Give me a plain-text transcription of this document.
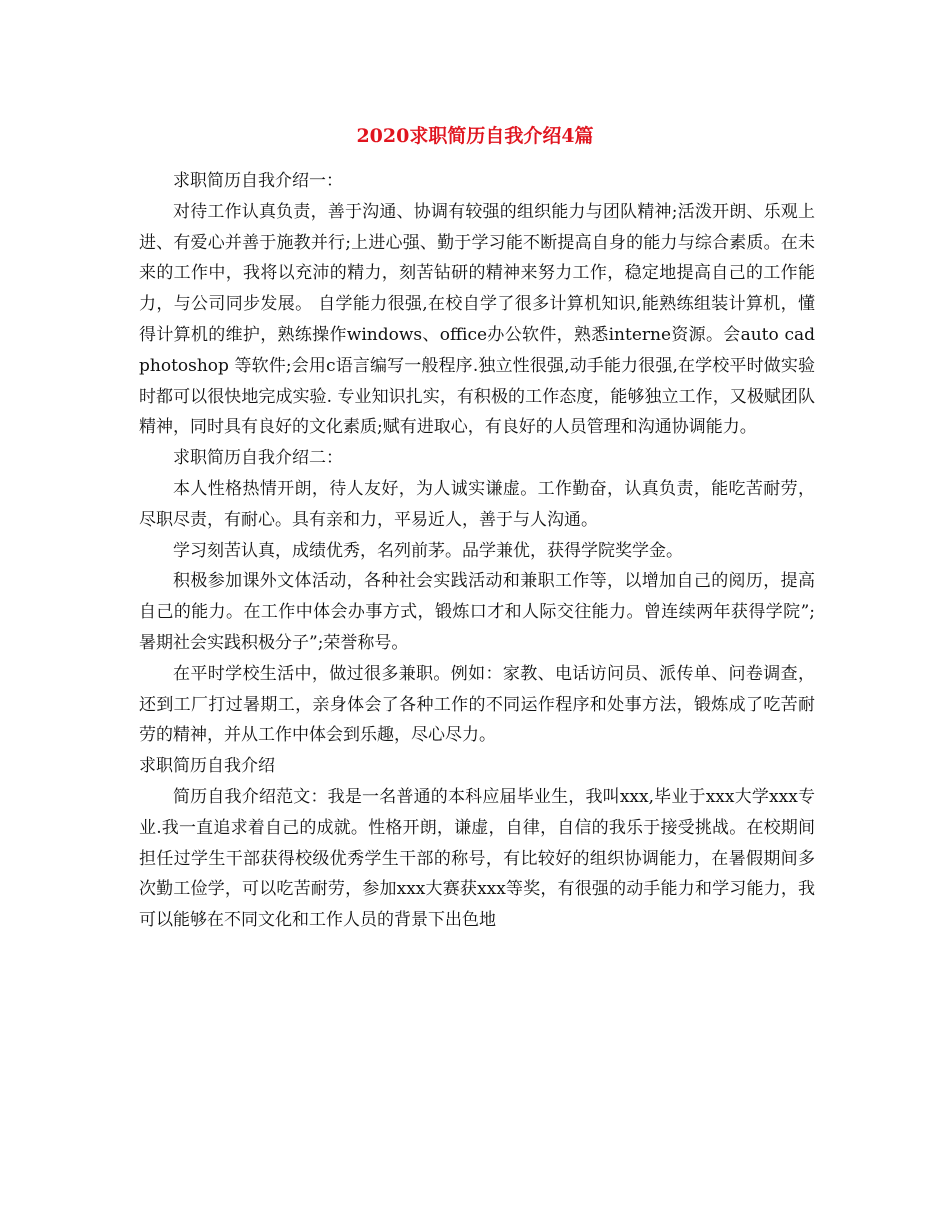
2020求职简历自我介绍4篇

求职简历自我介绍一：

对待工作认真负责，善于沟通、协调有较强的组织能力与团队精神;活泼开朗、乐观上进、有爱心并善于施教并行;上进心强、勤于学习能不断提高自身的能力与综合素质。在未来的工作中，我将以充沛的精力，刻苦钻研的精神来努力工作，稳定地提高自己的工作能力，与公司同步发展。 自学能力很强,在校自学了很多计算机知识,能熟练组装计算机，懂得计算机的维护，熟练操作windows、office办公软件，熟悉interne资源。会auto cad photoshop 等软件;会用c语言编写一般程序.独立性很强,动手能力很强,在学校平时做实验时都可以很快地完成实验. 专业知识扎实，有积极的工作态度，能够独立工作，又极赋团队精神，同时具有良好的文化素质;赋有进取心，有良好的人员管理和沟通协调能力。

求职简历自我介绍二：

本人性格热情开朗，待人友好，为人诚实谦虚。工作勤奋，认真负责，能吃苦耐劳，尽职尽责，有耐心。具有亲和力，平易近人，善于与人沟通。

学习刻苦认真，成绩优秀，名列前茅。品学兼优，获得学院奖学金。

积极参加课外文体活动，各种社会实践活动和兼职工作等，以增加自己的阅历，提高自己的能力。在工作中体会办事方式，锻炼口才和人际交往能力。曾连续两年获得学院”;暑期社会实践积极分子”;荣誉称号。

在平时学校生活中，做过很多兼职。例如：家教、电话访问员、派传单、问卷调查，还到工厂打过暑期工，亲身体会了各种工作的不同运作程序和处事方法，锻炼成了吃苦耐劳的精神，并从工作中体会到乐趣，尽心尽力。

求职简历自我介绍

简历自我介绍范文：我是一名普通的本科应届毕业生，我叫xxx,毕业于xxx大学xxx专业.我一直追求着自己的成就。性格开朗，谦虚，自律，自信的我乐于接受挑战。在校期间担任过学生干部获得校级优秀学生干部的称号，有比较好的组织协调能力，在暑假期间多次勤工俭学，可以吃苦耐劳，参加xxx大赛获xxx等奖，有很强的动手能力和学习能力，我可以能够在不同文化和工作人员的背景下出色地
